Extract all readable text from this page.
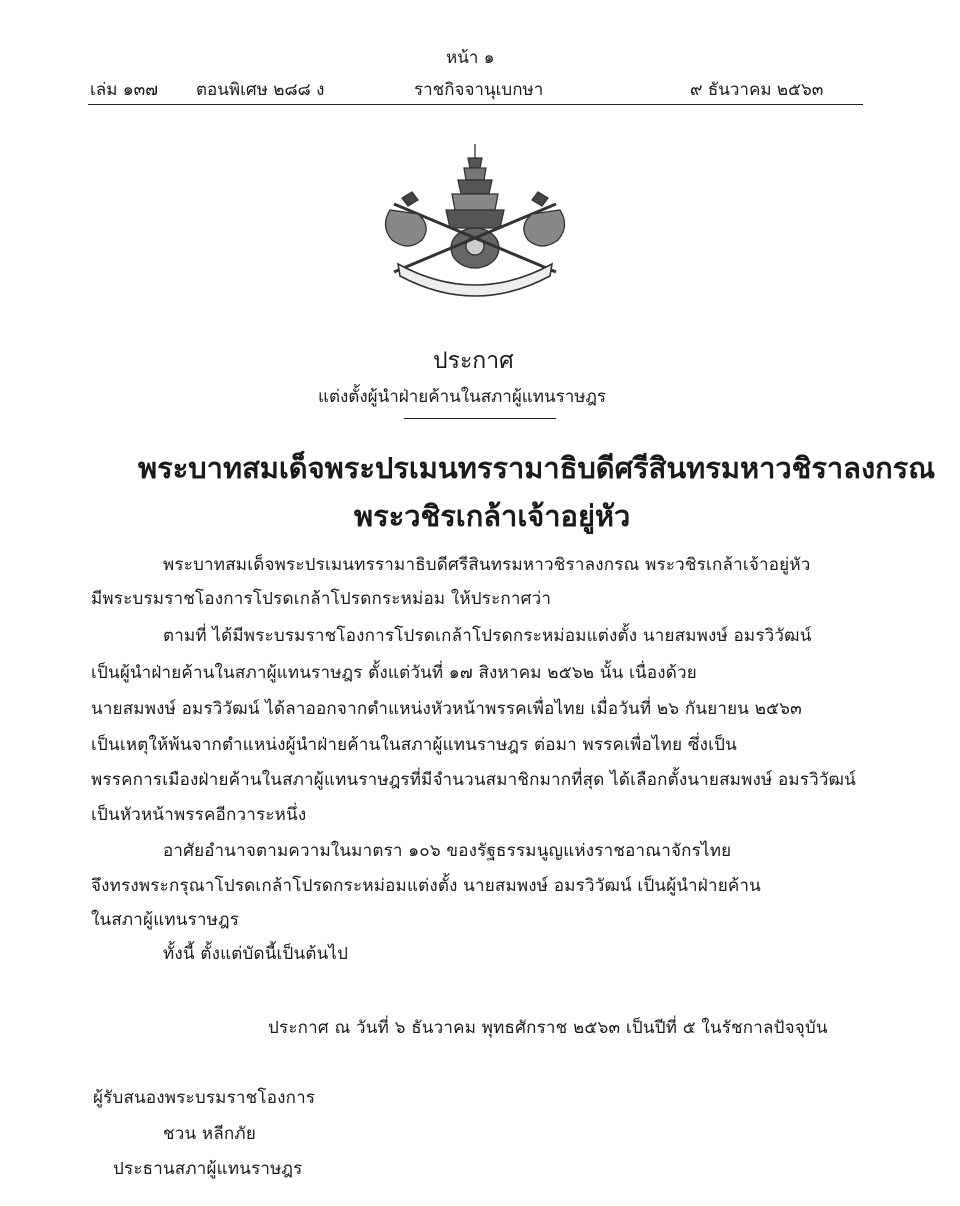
หน้า ๑
เล่ม ๑๓๗ ตอนพิเศษ ๒๘๘ ง	ราชกิจจานุเบกษา	๙ ธันวาคม ๒๕๖๓
ประกาศ
แต่งตั้งผู้นำฝ่ายค้านในสภาผู้แทนราษฎร
พระบาทสมเด็จพระปรเมนทรรามาธิบดีศรีสินทรมหาวชิราลงกรณ
พระวชิรเกล้าเจ้าอยู่หัว
พระบาทสมเด็จพระปรเมนทรรามาธิบดีศรีสินทรมหาวชิราลงกรณ พระวชิรเกล้าเจ้าอยู่หัว
มีพระบรมราชโองการโปรดเกล้าโปรดกระหม่อม ให้ประกาศว่า
ตามที่ ได้มีพระบรมราชโองการโปรดเกล้าโปรดกระหม่อมแต่งตั้ง นายสมพงษ์ อมรวิวัฒน์
เป็นผู้นำฝ่ายค้านในสภาผู้แทนราษฎร ตั้งแต่วันที่ ๑๗ สิงหาคม ๒๕๖๒ นั้น เนื่องด้วย
นายสมพงษ์ อมรวิวัฒน์ ได้ลาออกจากตำแหน่งหัวหน้าพรรคเพื่อไทย เมื่อวันที่ ๒๖ กันยายน ๒๕๖๓
เป็นเหตุให้พ้นจากตำแหน่งผู้นำฝ่ายค้านในสภาผู้แทนราษฎร ต่อมา พรรคเพื่อไทย ซึ่งเป็น
พรรคการเมืองฝ่ายค้านในสภาผู้แทนราษฎรที่มีจำนวนสมาชิกมากที่สุด ได้เลือกตั้งนายสมพงษ์ อมรวิวัฒน์
เป็นหัวหน้าพรรคอีกวาระหนึ่ง
อาศัยอำนาจตามความในมาตรา ๑๐๖ ของรัฐธรรมนูญแห่งราชอาณาจักรไทย
จึงทรงพระกรุณาโปรดเกล้าโปรดกระหม่อมแต่งตั้ง นายสมพงษ์ อมรวิวัฒน์ เป็นผู้นำฝ่ายค้าน
ในสภาผู้แทนราษฎร
ทั้งนี้ ตั้งแต่บัดนี้เป็นต้นไป
ประกาศ ณ วันที่ ๖ ธันวาคม พุทธศักราช ๒๕๖๓ เป็นปีที่ ๕ ในรัชกาลปัจจุบัน
ผู้รับสนองพระบรมราชโองการ
ชวน หลีกภัย
ประธานสภาผู้แทนราษฎร
